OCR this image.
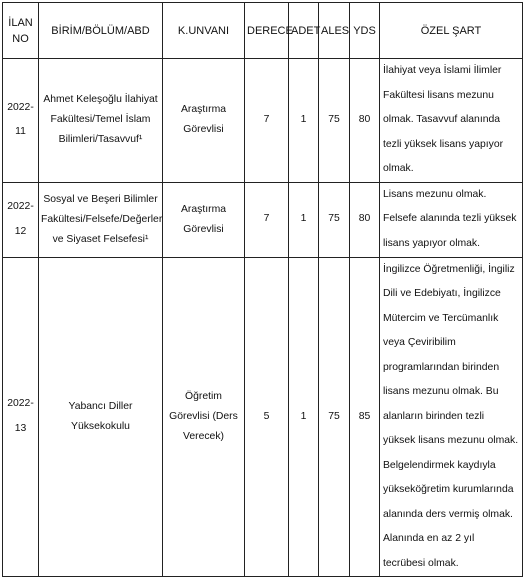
İLAN NO	BİRİM/BÖLÜM/ABD	K.UNVANI	DERECE	ADET	ALES	YDS	ÖZEL ŞART
2022-11	Ahmet Keleşoğlu İlahiyat Fakültesi/Temel İslam Bilimleri/Tasavvuf¹	Araştırma Görevlisi	7	1	75	80	İlahiyat veya İslami İlimler Fakültesi lisans mezunu olmak. Tasavvuf alanında tezli yüksek lisans yapıyor olmak.
2022-12	Sosyal ve Beşeri Bilimler Fakültesi/Felsefe/Değerler ve Siyaset Felsefesi¹	Araştırma Görevlisi	7	1	75	80	Lisans mezunu olmak. Felsefe alanında tezli yüksek lisans yapıyor olmak.
2022-13	Yabancı Diller Yüksekokulu	Öğretim Görevlisi (Ders Verecek)	5	1	75	85	İngilizce Öğretmenliği, İngiliz Dili ve Edebiyatı, İngilizce Mütercim ve Tercümanlık veya Çeviribilim programlarından birinden lisans mezunu olmak. Bu alanların birinden tezli yüksek lisans mezunu olmak. Belgelendirmek kaydıyla yükseköğretim kurumlarında alanında ders vermiş olmak. Alanında en az 2 yıl tecrübesi olmak.
